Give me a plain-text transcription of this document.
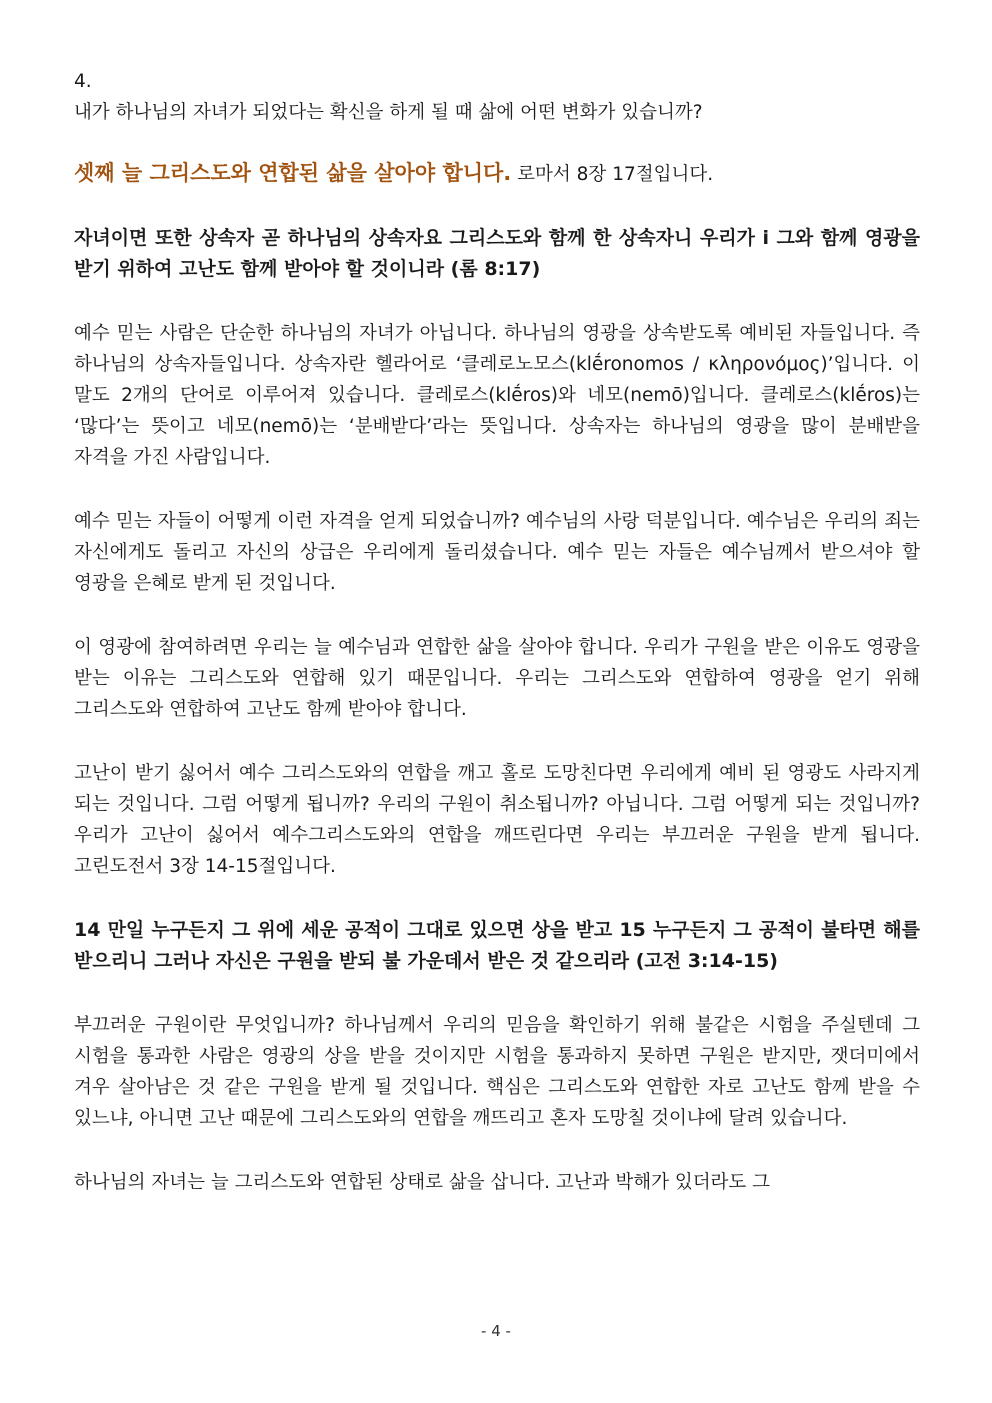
4.

내가 하나님의 자녀가 되었다는 확신을 하게 될 때 삶에 어떤 변화가 있습니까?

셋째 늘 그리스도와 연합된 삶을 살아야 합니다. 로마서 8장 17절입니다.

자녀이면 또한 상속자 곧 하나님의 상속자요 그리스도와 함께 한 상속자니 우리가 i 그와 함께 영광을 받기 위하여 고난도 함께 받아야 할 것이니라 (롬 8:17)

예수 믿는 사람은 단순한 하나님의 자녀가 아닙니다. 하나님의 영광을 상속받도록 예비된 자들입니다. 즉 하나님의 상속자들입니다. 상속자란 헬라어로 ‘클레로노모스(klḗronomos / κληρονόμος)’입니다. 이 말도 2개의 단어로 이루어져 있습니다. 클레로스(klḗros)와 네모(nemō)입니다. 클레로스(klḗros)는 ‘많다’는 뜻이고 네모(nemō)는 ‘분배받다’라는 뜻입니다. 상속자는 하나님의 영광을 많이 분배받을 자격을 가진 사람입니다.

예수 믿는 자들이 어떻게 이런 자격을 얻게 되었습니까? 예수님의 사랑 덕분입니다. 예수님은 우리의 죄는 자신에게도 돌리고 자신의 상급은 우리에게 돌리셨습니다. 예수 믿는 자들은 예수님께서 받으셔야 할 영광을 은혜로 받게 된 것입니다.

이 영광에 참여하려면 우리는 늘 예수님과 연합한 삶을 살아야 합니다. 우리가 구원을 받은 이유도 영광을 받는 이유는 그리스도와 연합해 있기 때문입니다. 우리는 그리스도와 연합하여 영광을 얻기 위해 그리스도와 연합하여 고난도 함께 받아야 합니다.

고난이 받기 싫어서 예수 그리스도와의 연합을 깨고 홀로 도망친다면 우리에게 예비 된 영광도 사라지게 되는 것입니다. 그럼 어떻게 됩니까? 우리의 구원이 취소됩니까? 아닙니다. 그럼 어떻게 되는 것입니까? 우리가 고난이 싫어서 예수그리스도와의 연합을 깨뜨린다면 우리는 부끄러운 구원을 받게 됩니다. 고린도전서 3장 14-15절입니다.

14 만일 누구든지 그 위에 세운 공적이 그대로 있으면 상을 받고 15 누구든지 그 공적이 불타면 해를 받으리니 그러나 자신은 구원을 받되 불 가운데서 받은 것 같으리라 (고전 3:14-15)

부끄러운 구원이란 무엇입니까? 하나님께서 우리의 믿음을 확인하기 위해 불같은 시험을 주실텐데 그 시험을 통과한 사람은 영광의 상을 받을 것이지만 시험을 통과하지 못하면 구원은 받지만, 잿더미에서 겨우 살아남은 것 같은 구원을 받게 될 것입니다. 핵심은 그리스도와 연합한 자로 고난도 함께 받을 수 있느냐, 아니면 고난 때문에 그리스도와의 연합을 깨뜨리고 혼자 도망칠 것이냐에 달려 있습니다.

하나님의 자녀는 늘 그리스도와 연합된 상태로 삶을 삽니다. 고난과 박해가 있더라도 그

- 4 -
